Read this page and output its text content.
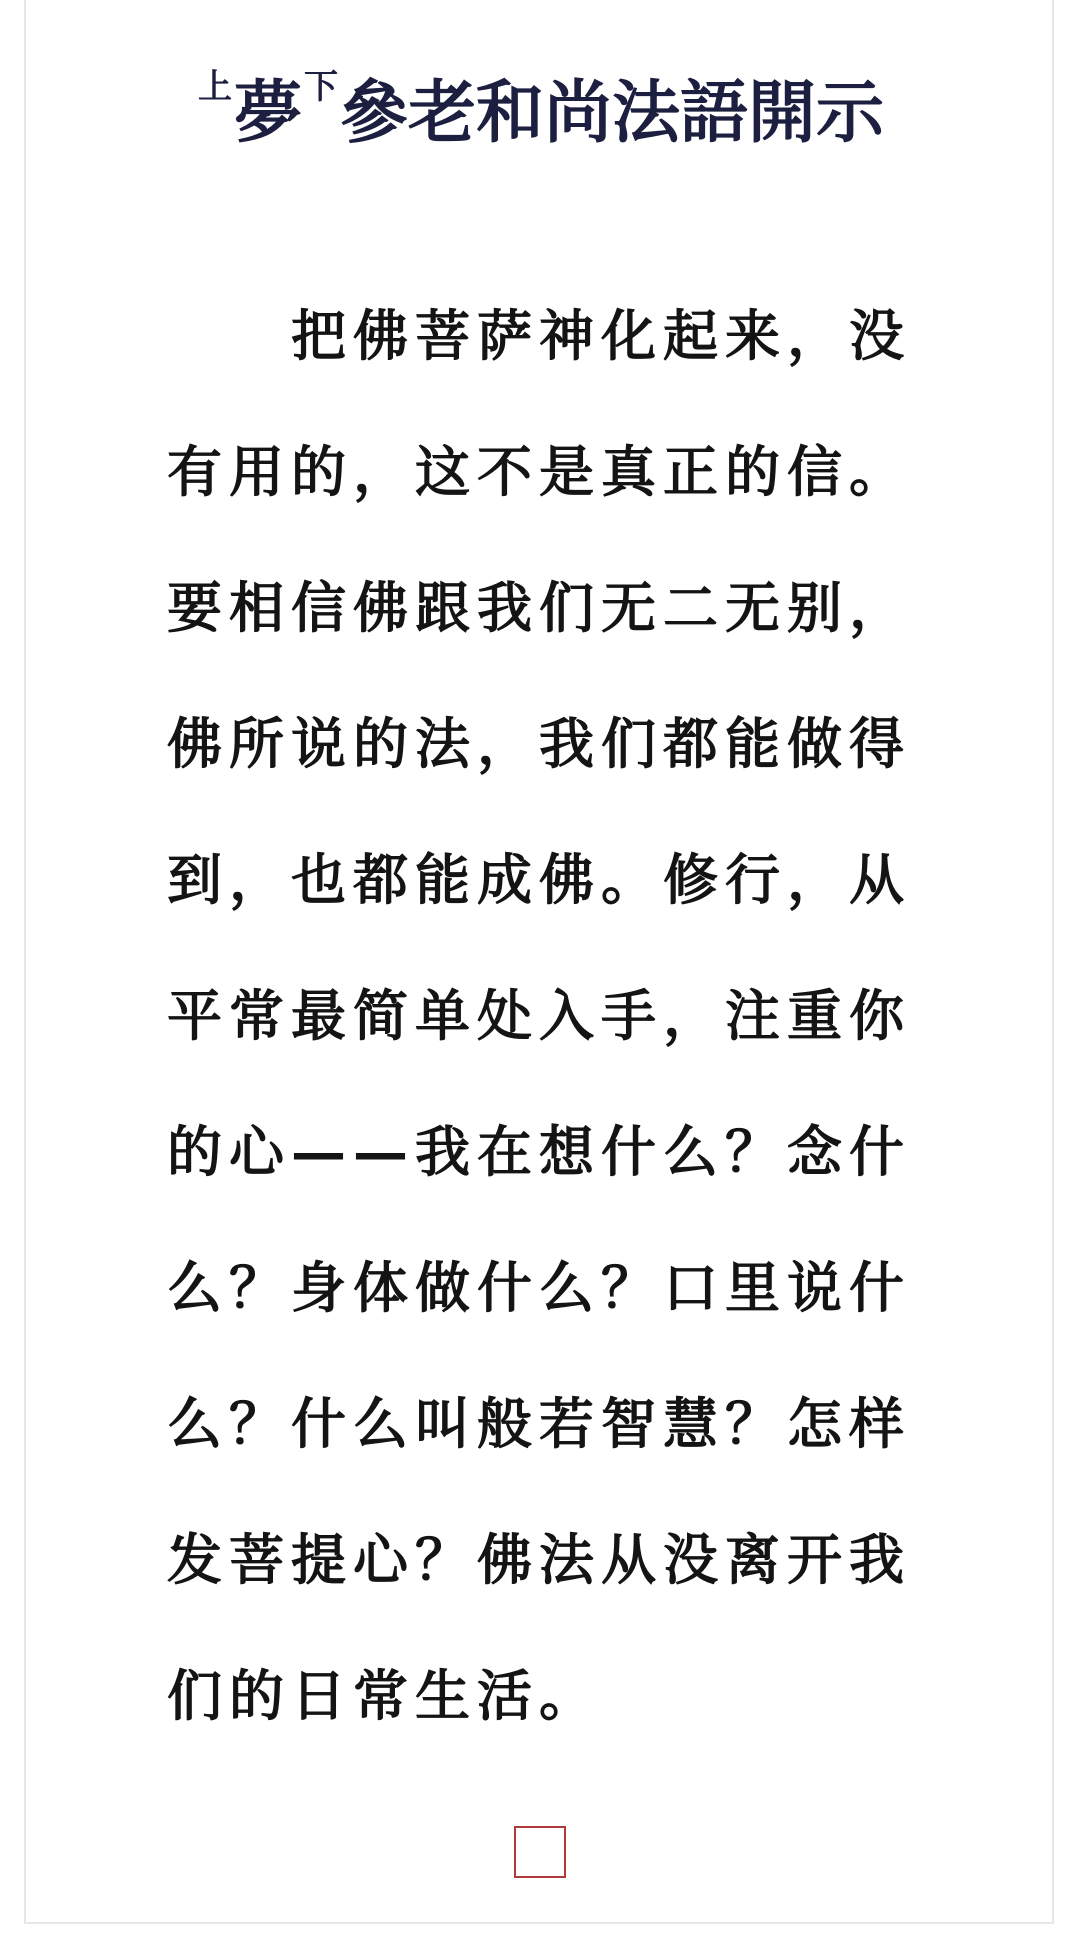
上夢下參老和尚法語開示
把佛菩萨神化起来，没
有用的，这不是真正的信。
要相信佛跟我们无二无别，
佛所说的法，我们都能做得
到，也都能成佛。修行，从
平常最简单处入手，注重你
的心——我在想什么？念什
么？身体做什么？口里说什
么？什么叫般若智慧？怎样
发菩提心？佛法从没离开我
们的日常生活。
